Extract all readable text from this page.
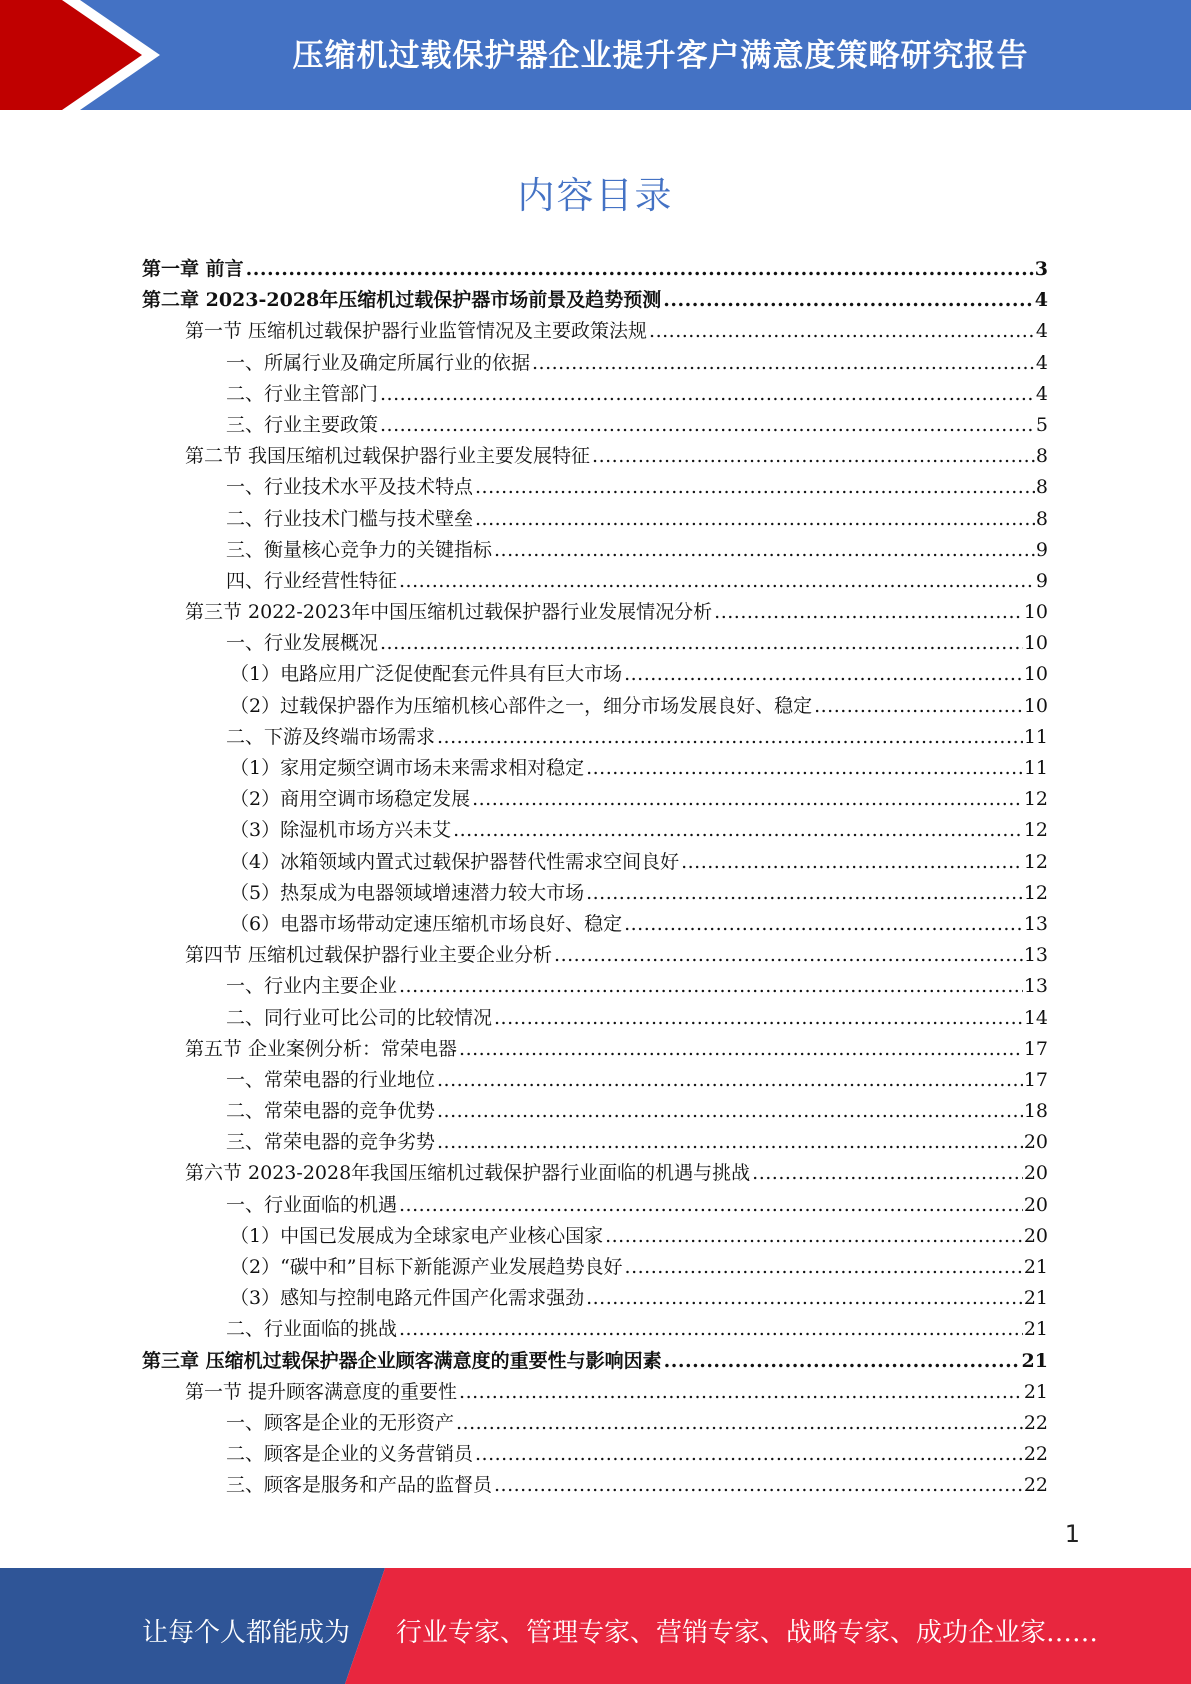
压缩机过载保护器企业提升客户满意度策略研究报告
内容目录
第一章 前言 .....	3
第二章 2023-2028年压缩机过载保护器市场前景及趋势预测 .....	4
第一节 压缩机过载保护器行业监管情况及主要政策法规 .....	4
一、所属行业及确定所属行业的依据 .....	4
二、行业主管部门 .....	4
三、行业主要政策 .....	5
第二节 我国压缩机过载保护器行业主要发展特征 .....	8
一、行业技术水平及技术特点 .....	8
二、行业技术门槛与技术壁垒 .....	8
三、衡量核心竞争力的关键指标 .....	9
四、行业经营性特征 .....	9
第三节 2022-2023年中国压缩机过载保护器行业发展情况分析 .....	10
一、行业发展概况 .....	10
（1）电路应用广泛促使配套元件具有巨大市场 .....	10
（2）过载保护器作为压缩机核心部件之一，细分市场发展良好、稳定 .....	10
二、下游及终端市场需求 .....	11
（1）家用定频空调市场未来需求相对稳定 .....	11
（2）商用空调市场稳定发展 .....	12
（3）除湿机市场方兴未艾 .....	12
（4）冰箱领域内置式过载保护器替代性需求空间良好 .....	12
（5）热泵成为电器领域增速潜力较大市场 .....	12
（6）电器市场带动定速压缩机市场良好、稳定 .....	13
第四节 压缩机过载保护器行业主要企业分析 .....	13
一、行业内主要企业 .....	13
二、同行业可比公司的比较情况 .....	14
第五节 企业案例分析：常荣电器 .....	17
一、常荣电器的行业地位 .....	17
二、常荣电器的竞争优势 .....	18
三、常荣电器的竞争劣势 .....	20
第六节 2023-2028年我国压缩机过载保护器行业面临的机遇与挑战 .....	20
一、行业面临的机遇 .....	20
（1）中国已发展成为全球家电产业核心国家 .....	20
（2）“碳中和”目标下新能源产业发展趋势良好 .....	21
（3）感知与控制电路元件国产化需求强劲 .....	21
二、行业面临的挑战 .....	21
第三章 压缩机过载保护器企业顾客满意度的重要性与影响因素 .....	21
第一节 提升顾客满意度的重要性 .....	21
一、顾客是企业的无形资产 .....	22
二、顾客是企业的义务营销员 .....	22
三、顾客是服务和产品的监督员 .....	22
1
让每个人都能成为 行业专家、管理专家、营销专家、战略专家、成功企业家……
